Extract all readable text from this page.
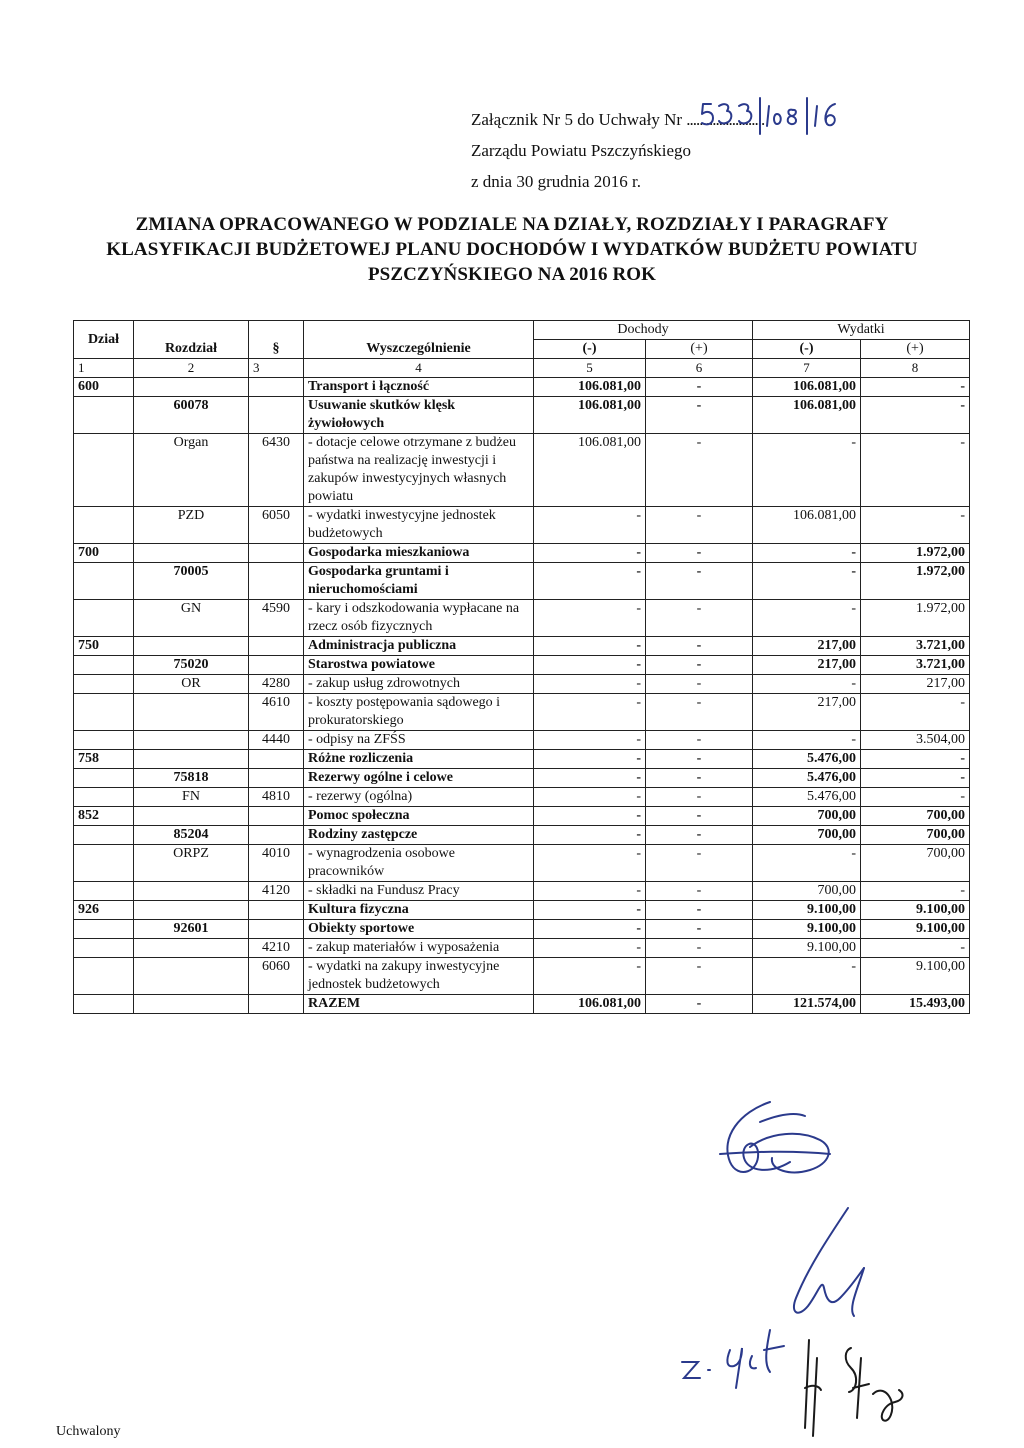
Załącznik Nr 5 do Uchwały Nr ........................
Zarządu Powiatu Pszczyńskiego
z dnia 30 grudnia 2016 r.
ZMIANA OPRACOWANEGO W PODZIALE NA DZIAŁY, ROZDZIAŁY I PARAGRAFY
KLASYFIKACJI BUDŻETOWEJ PLANU DOCHODÓW I WYDATKÓW BUDŻETU POWIATU
PSZCZYŃSKIEGO NA 2016 ROK
Dział	Rozdział	§	Wyszczególnienie	Dochody		Wydatki	
				(-)	(+)	(-)	(+)
1	2	3	4	5	6	7	8
600			Transport i łączność	106.081,00	-	106.081,00	-
	60078		Usuwanie skutków klęsk żywiołowych	106.081,00	-	106.081,00	-
	Organ	6430	- dotacje celowe otrzymane z budżeu państwa na realizację inwestycji i zakupów inwestycyjnych własnych powiatu	106.081,00	-	-	-
	PZD	6050	- wydatki inwestycyjne jednostek budżetowych	-	-	106.081,00	-
700			Gospodarka mieszkaniowa	-	-	-	1.972,00
	70005		Gospodarka gruntami i nieruchomościami	-	-	-	1.972,00
	GN	4590	- kary i odszkodowania wypłacane na rzecz osób fizycznych	-	-	-	1.972,00
750			Administracja publiczna	-	-	217,00	3.721,00
	75020		Starostwa powiatowe	-	-	217,00	3.721,00
	OR	4280	- zakup usług zdrowotnych	-	-	-	217,00
		4610	- koszty postępowania sądowego i prokuratorskiego	-	-	217,00	-
		4440	- odpisy na ZFŚS	-	-	-	3.504,00
758			Różne rozliczenia	-	-	5.476,00	-
	75818		Rezerwy ogólne i celowe	-	-	5.476,00	-
	FN	4810	- rezerwy (ogólna)	-	-	5.476,00	-
852			Pomoc społeczna	-	-	700,00	700,00
	85204		Rodziny zastępcze	-	-	700,00	700,00
	ORPZ	4010	- wynagrodzenia osobowe pracowników	-	-	-	700,00
		4120	- składki na Fundusz Pracy	-	-	700,00	-
926			Kultura fizyczna	-	-	9.100,00	9.100,00
	92601		Obiekty sportowe	-	-	9.100,00	9.100,00
		4210	- zakup materiałów i wyposażenia	-	-	9.100,00	-
		6060	- wydatki na zakupy inwestycyjne jednostek budżetowych	-	-	-	9.100,00
			RAZEM	106.081,00	-	121.574,00	15.493,00
Uchwalony
